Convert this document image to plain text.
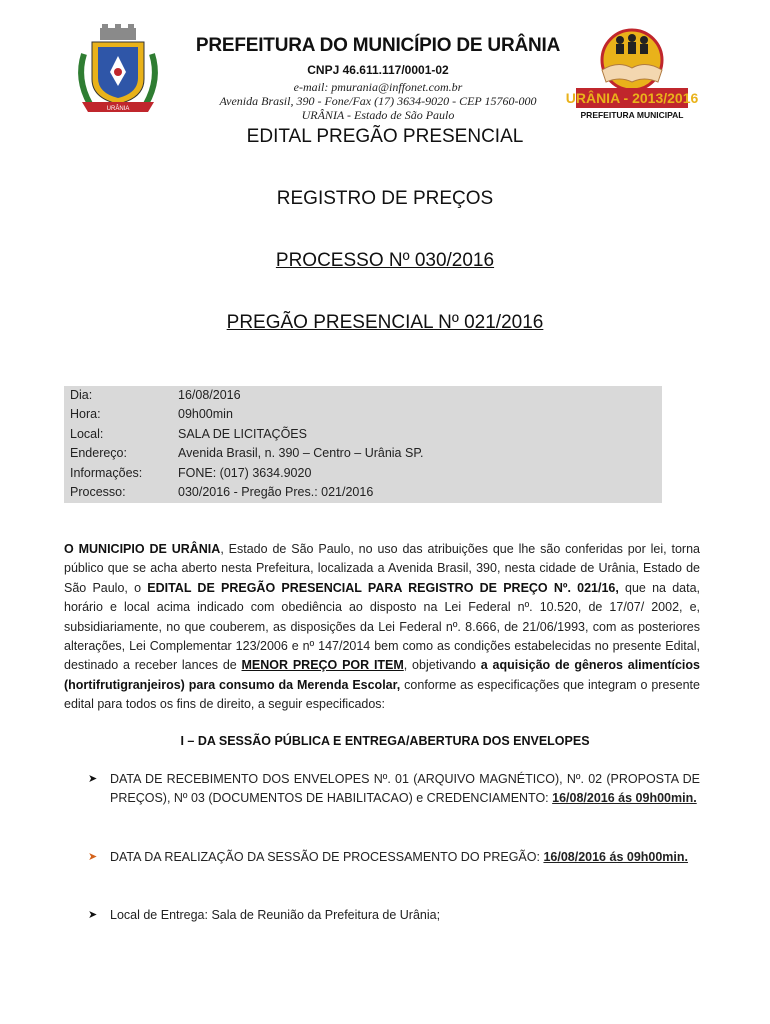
URÂNIA
PREFEITURA DO MUNICÍPIO DE URÂNIA
CNPJ 46.611.117/0001-02
e-mail: pmurania@inffonet.com.br
Avenida Brasil, 390 - Fone/Fax (17) 3634-9020 - CEP 15760-000
URÂNIA - Estado de São Paulo
URÂNIA - 2013/2016
PREFEITURA MUNICIPAL
EDITAL PREGÃO PRESENCIAL
REGISTRO DE PREÇOS
PROCESSO Nº 030/2016
PREGÃO PRESENCIAL Nº 021/2016
Dia:	16/08/2016
Hora:	09h00min
Local:	SALA DE LICITAÇÕES
Endereço:	Avenida Brasil, n. 390 – Centro – Urânia SP.
Informações:	FONE: (017) 3634.9020
Processo:	030/2016 - Pregão Pres.: 021/2016
O MUNICIPIO DE URÂNIA, Estado de São Paulo, no uso das atribuições que lhe são conferidas por lei, torna público que se acha aberto nesta Prefeitura, localizada a Avenida Brasil, 390, nesta cidade de Urânia, Estado de São Paulo, o EDITAL DE PREGÃO PRESENCIAL PARA REGISTRO DE PREÇO Nº. 021/16, que na data, horário e local acima indicado com obediência ao disposto na Lei Federal nº. 10.520, de 17/07/ 2002, e, subsidiariamente, no que couberem, as disposições da Lei Federal nº. 8.666, de 21/06/1993, com as posteriores alterações, Lei Complementar 123/2006 e nº 147/2014 bem como as condições estabelecidas no presente Edital, destinado a receber lances de MENOR PREÇO POR ITEM, objetivando a aquisição de gêneros alimentícios (hortifrutigranjeiros) para consumo da Merenda Escolar, conforme as especificações que integram o presente edital para todos os fins de direito, a seguir especificados:
I – DA SESSÃO PÚBLICA E ENTREGA/ABERTURA DOS ENVELOPES
➤ DATA DE RECEBIMENTO DOS ENVELOPES Nº. 01 (ARQUIVO MAGNÉTICO), Nº. 02 (PROPOSTA DE PREÇOS), Nº 03 (DOCUMENTOS DE HABILITACAO) e CREDENCIAMENTO: 16/08/2016 ás 09h00min.
➤ DATA DA REALIZAÇÃO DA SESSÃO DE PROCESSAMENTO DO PREGÃO: 16/08/2016 ás 09h00min.
➤ Local de Entrega: Sala de Reunião da Prefeitura de Urânia;
